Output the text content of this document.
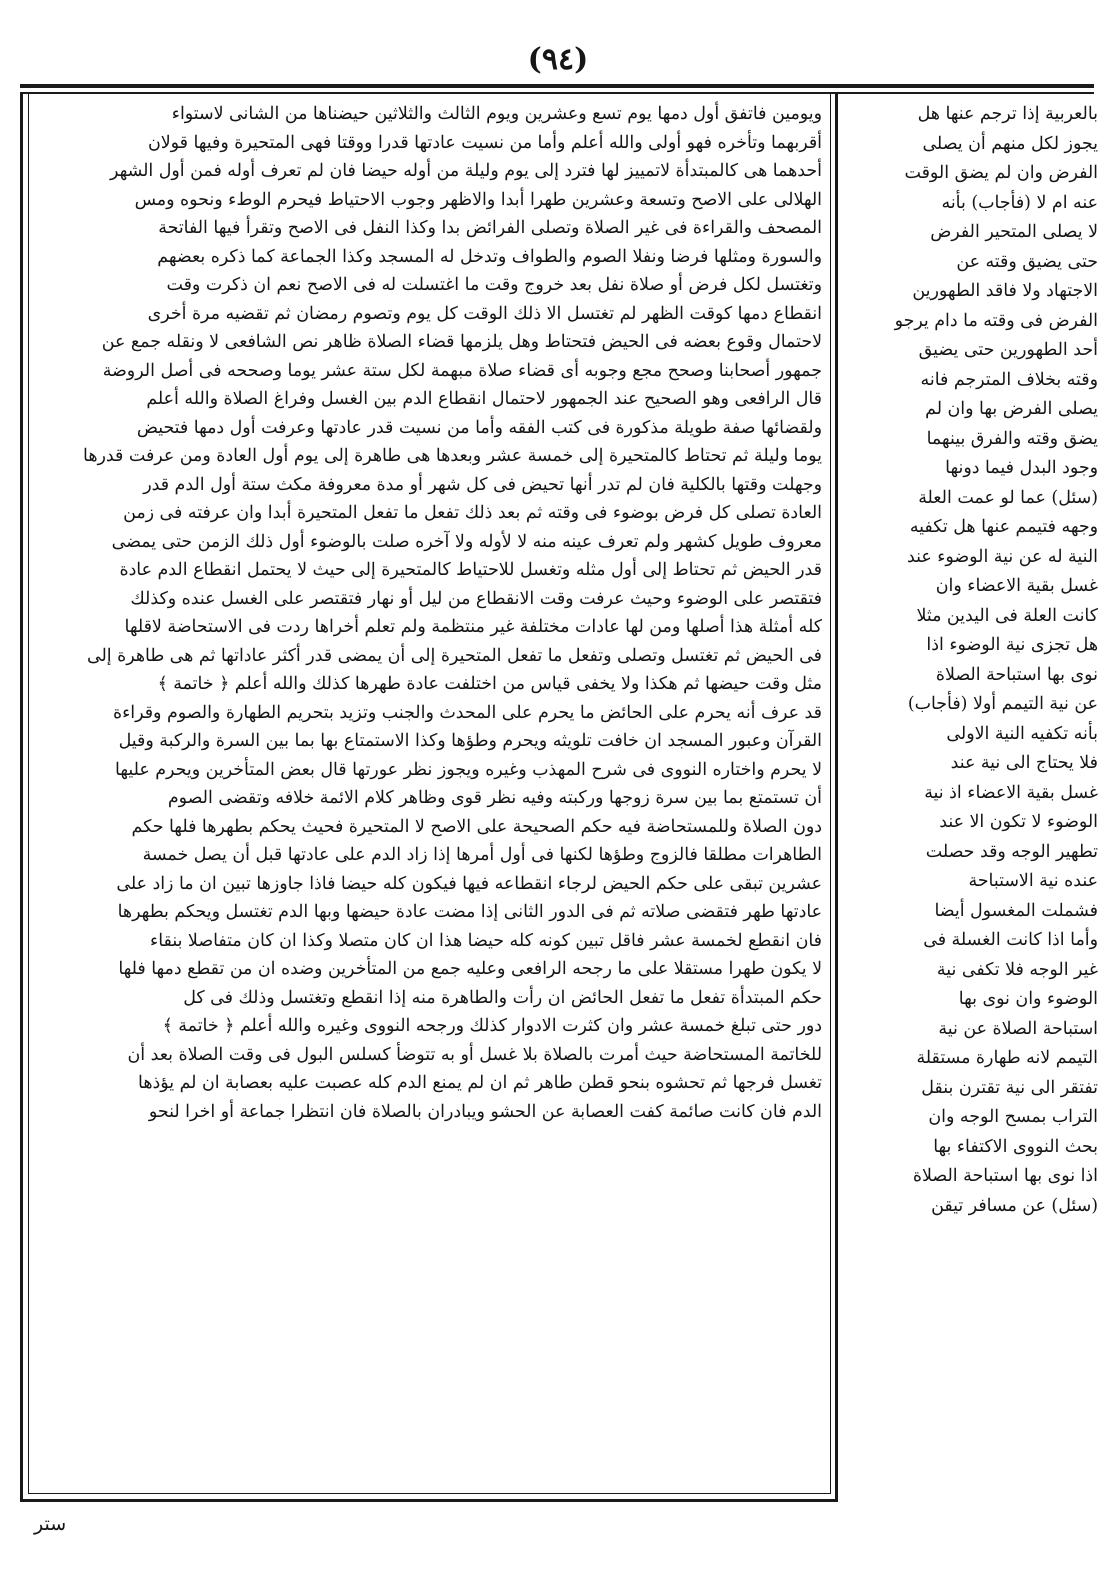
(٩٤)
ويومين فاتفق أول دمها يوم تسع وعشرين ويوم الثالث والثلاثين حيضناها من الشانى لاستواء
أقربهما وتأخره فهو أولى والله أعلم وأما من نسيت عادتها قدرا ووقتا فهى المتحيرة وفيها قولان
أحدهما هى كالمبتدأة لاتمييز لها فترد إلى يوم وليلة من أوله حيضا فان لم تعرف أوله فمن أول الشهر
الهلالى على الاصح وتسعة وعشرين طهرا أبدا والاظهر وجوب الاحتياط فيحرم الوطء ونحوه ومس
المصحف والقراءة فى غير الصلاة وتصلى الفرائض بدا وكذا النفل فى الاصح وتقرأ فيها الفاتحة
والسورة ومثلها فرضا ونفلا الصوم والطواف وتدخل له المسجد وكذا الجماعة كما ذكره بعضهم
وتغتسل لكل فرض أو صلاة نفل بعد خروج وقت ما اغتسلت له فى الاصح نعم ان ذكرت وقت
انقطاع دمها كوقت الظهر لم تغتسل الا ذلك الوقت كل يوم وتصوم رمضان ثم تقضيه مرة أخرى
لاحتمال وقوع بعضه فى الحيض فتحتاط وهل يلزمها قضاء الصلاة ظاهر نص الشافعى لا ونقله جمع عن
جمهور أصحابنا وصحح مجع وجوبه أى قضاء صلاة مبهمة لكل ستة عشر يوما وصححه فى أصل الروضة
قال الرافعى وهو الصحيح عند الجمهور لاحتمال انقطاع الدم بين الغسل وفراغ الصلاة والله أعلم
ولقضائها صفة طويلة مذكورة فى كتب الفقه وأما من نسيت قدر عادتها وعرفت أول دمها فتحيض
يوما وليلة ثم تحتاط كالمتحيرة إلى خمسة عشر وبعدها هى طاهرة إلى يوم أول العادة ومن عرفت قدرها
وجهلت وقتها بالكلية فان لم تدر أنها تحيض فى كل شهر أو مدة معروفة مكث ستة أول الدم قدر
العادة تصلى كل فرض بوضوء فى وقته ثم بعد ذلك تفعل ما تفعل المتحيرة أبدا وان عرفته فى زمن
معروف طويل كشهر ولم تعرف عينه منه لا لأوله ولا آخره صلت بالوضوء أول ذلك الزمن حتى يمضى
قدر الحيض ثم تحتاط إلى أول مثله وتغسل للاحتياط كالمتحيرة إلى حيث لا يحتمل انقطاع الدم عادة
فتقتصر على الوضوء وحيث عرفت وقت الانقطاع من ليل أو نهار فتقتصر على الغسل عنده وكذلك
كله أمثلة هذا أصلها ومن لها عادات مختلفة غير منتظمة ولم تعلم أخراها ردت فى الاستحاضة لاقلها
فى الحيض ثم تغتسل وتصلى وتفعل ما تفعل المتحيرة إلى أن يمضى قدر أكثر عاداتها ثم هى طاهرة إلى
مثل وقت حيضها ثم هكذا ولا يخفى قياس من اختلفت عادة طهرها كذلك والله أعلم ﴿ خاتمة ﴾
قد عرف أنه يحرم على الحائض ما يحرم على المحدث والجنب وتزيد بتحريم الطهارة والصوم وقراءة
القرآن وعبور المسجد ان خافت تلويثه ويحرم وطؤها وكذا الاستمتاع بها بما بين السرة والركبة وقيل
لا يحرم واختاره النووى فى شرح المهذب وغيره ويجوز نظر عورتها قال بعض المتأخرين ويحرم عليها
أن تستمتع بما بين سرة زوجها وركبته وفيه نظر قوى وظاهر كلام الائمة خلافه وتقضى الصوم
دون الصلاة وللمستحاضة فيه حكم الصحيحة على الاصح لا المتحيرة فحيث يحكم بطهرها فلها حكم
الطاهرات مطلقا فالزوج وطؤها لكنها فى أول أمرها إذا زاد الدم على عادتها قبل أن يصل خمسة
عشرين تبقى على حكم الحيض لرجاء انقطاعه فيها فيكون كله حيضا فاذا جاوزها تبين ان ما زاد على
عادتها طهر فتقضى صلاته ثم فى الدور الثانى إذا مضت عادة حيضها وبها الدم تغتسل ويحكم بطهرها
فان انقطع لخمسة عشر فاقل تبين كونه كله حيضا هذا ان كان متصلا وكذا ان كان متفاصلا بنقاء
لا يكون طهرا مستقلا على ما رجحه الرافعى وعليه جمع من المتأخرين وضده ان من تقطع دمها فلها
حكم المبتدأة تفعل ما تفعل الحائض ان رأت والطاهرة منه إذا انقطع وتغتسل وذلك فى كل
دور حتى تبلغ خمسة عشر وان كثرت الادوار كذلك ورجحه النووى وغيره والله أعلم ﴿ خاتمة ﴾
للخاتمة المستحاضة حيث أمرت بالصلاة بلا غسل أو به تتوضأ كسلس البول فى وقت الصلاة بعد أن
تغسل فرجها ثم تحشوه بنحو قطن طاهر ثم ان لم يمنع الدم كله عصبت عليه بعصابة ان لم يؤذها
الدم فان كانت صائمة كفت العصابة عن الحشو ويبادران بالصلاة فان انتظرا جماعة أو اخرا لنحو
بالعربية إذا ترجم عنها هل
يجوز لكل منهم أن يصلى
الفرض وان لم يضق الوقت
عنه ام لا (فأجاب) بأنه
لا يصلى المتحير الفرض
حتى يضيق وقته عن
الاجتهاد ولا فاقد الطهورين
الفرض فى وقته ما دام يرجو
أحد الطهورين حتى يضيق
وقته بخلاف المترجم فانه
يصلى الفرض بها وان لم
يضق وقته والفرق بينهما
وجود البدل فيما دونها
(سئل) عما لو عمت العلة
وجهه فتيمم عنها هل تكفيه
النية له عن نية الوضوء عند
غسل بقية الاعضاء وان
كانت العلة فى اليدين مثلا
هل تجزى نية الوضوء اذا
نوى بها استباحة الصلاة
عن نية التيمم أولا (فأجاب)
بأنه تكفيه النية الاولى
فلا يحتاج الى نية عند
غسل بقية الاعضاء اذ نية
الوضوء لا تكون الا عند
تطهير الوجه وقد حصلت
عنده نية الاستباحة
فشملت المغسول أيضا
وأما اذا كانت الغسلة فى
غير الوجه فلا تكفى نية
الوضوء وان نوى بها
استباحة الصلاة عن نية
التيمم لانه طهارة مستقلة
تفتقر الى نية تقترن بنقل
التراب بمسح الوجه وان
بحث النووى الاكتفاء بها
اذا نوى بها استباحة الصلاة
(سئل) عن مسافر تيقن
ستر
